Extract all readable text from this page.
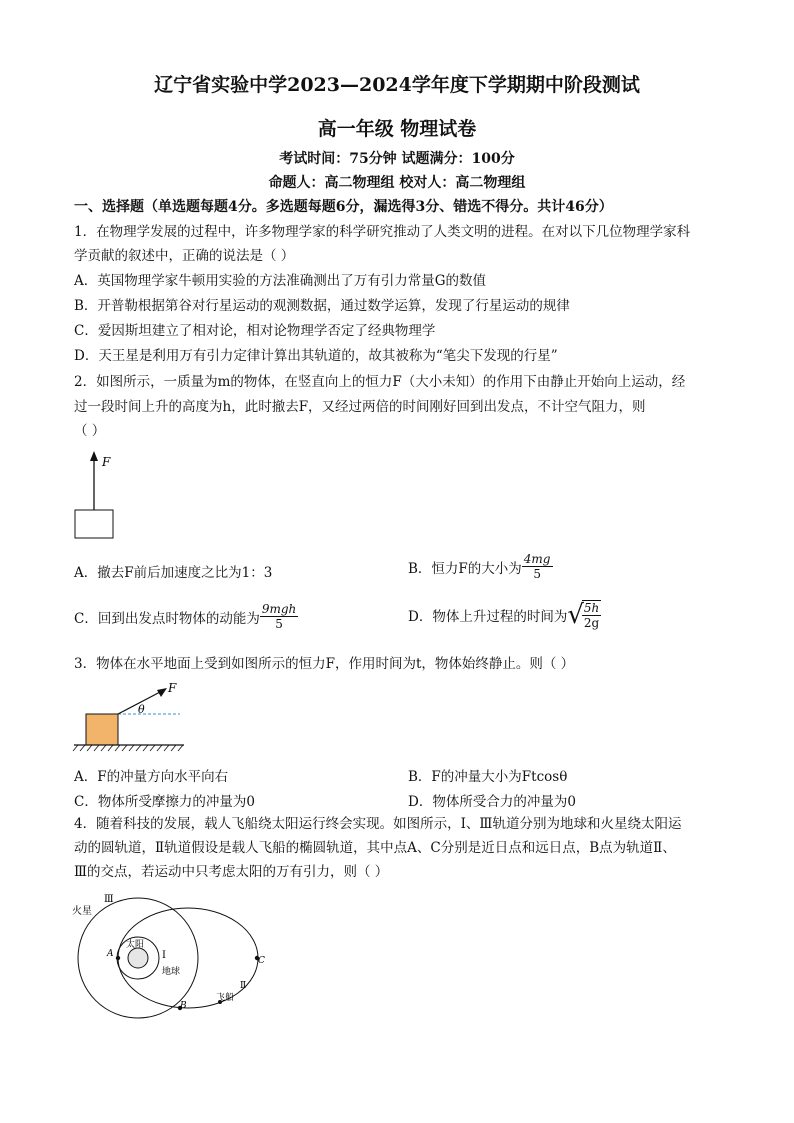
辽宁省实验中学2023—2024学年度下学期期中阶段测试
高一年级 物理试卷
考试时间：75分钟 试题满分：100分
命题人：高二物理组 校对人：高二物理组
一、选择题（单选题每题4分。多选题每题6分，漏选得3分、错选不得分。共计46分）
1．在物理学发展的过程中，许多物理学家的科学研究推动了人类文明的进程。在对以下几位物理学家科
学贡献的叙述中，正确的说法是（ ）
A．英国物理学家牛顿用实验的方法准确测出了万有引力常量G的数值
B．开普勒根据第谷对行星运动的观测数据，通过数学运算，发现了行星运动的规律
C．爱因斯坦建立了相对论，相对论物理学否定了经典物理学
D．天王星是利用万有引力定律计算出其轨道的，故其被称为“笔尖下发现的行星”
2．如图所示，一质量为m的物体，在竖直向上的恒力F（大小未知）的作用下由静止开始向上运动，经
过一段时间上升的高度为h，此时撤去F，又经过两倍的时间刚好回到出发点，不计空气阻力，则
（ ）
F
A．撤去F前后加速度之比为1：3	B．恒力F的大小为 $\frac{4mg}{5}$
C．回到出发点时物体的动能为 $\frac{\text{9mgh}}{5}$	D．物体上升过程的时间为 √
$\frac{5h}{2g}$
3．物体在水平地面上受到如图所示的恒力F，作用时间为t，物体始终静止。则（ ）
F
θ
A．F的冲量方向水平向右	B．F的冲量大小为Ftcosθ
C．物体所受摩擦力的冲量为0	D．物体所受合力的冲量为0
4．随着科技的发展，载人飞船绕太阳运行终会实现。如图所示，Ⅰ、Ⅲ轨道分别为地球和火星绕太阳运
动的圆轨道，Ⅱ轨道假设是载人飞船的椭圆轨道，其中点A、C分别是近日点和远日点，B点为轨道Ⅱ、
Ⅲ的交点，若运动中只考虑太阳的万有引力，则（ ）
火星
Ⅲ
太阳
Ⅰ
地球
A
C
B
飞船
Ⅱ
